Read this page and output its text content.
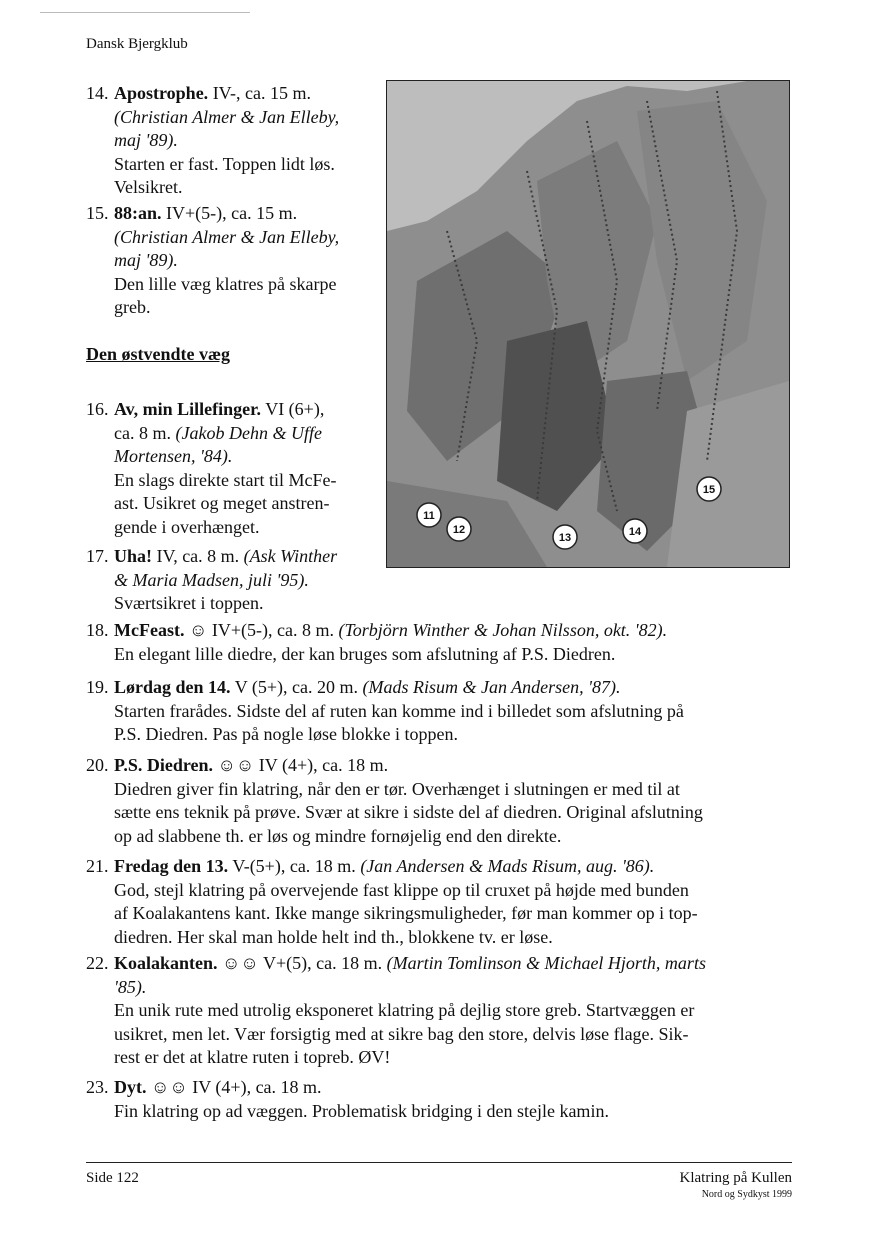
Dansk Bjergklub
14. Apostrophe. IV-, ca. 15 m.
(Christian Almer & Jan Elleby,
maj '89).
Starten er fast. Toppen lidt løs.
Velsikret.
15. 88:an. IV+(5-), ca. 15 m.
(Christian Almer & Jan Elleby,
maj '89).
Den lille væg klatres på skarpe
greb.
Den østvendte væg
16. Av, min Lillefinger. VI (6+),
ca. 8 m. (Jakob Dehn & Uffe
Mortensen, '84).
En slags direkte start til McFe-
ast. Usikret og meget anstren-
gende i overhænget.
17. Uha! IV, ca. 8 m. (Ask Winther
& Maria Madsen, juli '95).
Sværtsikret i toppen.
18. McFeast. ☺ IV+(5-), ca. 8 m. (Torbjörn Winther & Johan Nilsson, okt. '82).
En elegant lille diedre, der kan bruges som afslutning af P.S. Diedren.
19. Lørdag den 14. V (5+), ca. 20 m. (Mads Risum & Jan Andersen, '87).
Starten frarådes. Sidste del af ruten kan komme ind i billedet som afslutning på
P.S. Diedren. Pas på nogle løse blokke i toppen.
20. P.S. Diedren. ☺☺ IV (4+), ca. 18 m.
Diedren giver fin klatring, når den er tør. Overhænget i slutningen er med til at
sætte ens teknik på prøve. Svær at sikre i sidste del af diedren. Original afslutning
op ad slabbene th. er løs og mindre fornøjelig end den direkte.
21. Fredag den 13. V-(5+), ca. 18 m. (Jan Andersen & Mads Risum, aug. '86).
God, stejl klatring på overvejende fast klippe op til cruxet på højde med bunden
af Koalakantens kant. Ikke mange sikringsmuligheder, før man kommer op i top-
diedren. Her skal man holde helt ind th., blokkene tv. er løse.
22. Koalakanten. ☺☺ V+(5), ca. 18 m. (Martin Tomlinson & Michael Hjorth, marts
'85).
En unik rute med utrolig eksponeret klatring på dejlig store greb. Startvæggen er
usikret, men let. Vær forsigtig med at sikre bag den store, delvis løse flage. Sik-
rest er det at klatre ruten i topreb. ØV!
23. Dyt. ☺☺ IV (4+), ca. 18 m.
Fin klatring op ad væggen. Problematisk bridging i den stejle kamin.
11
12
13	14
15
Side 122	Klatring på Kullen
Nord og Sydkyst 1999
